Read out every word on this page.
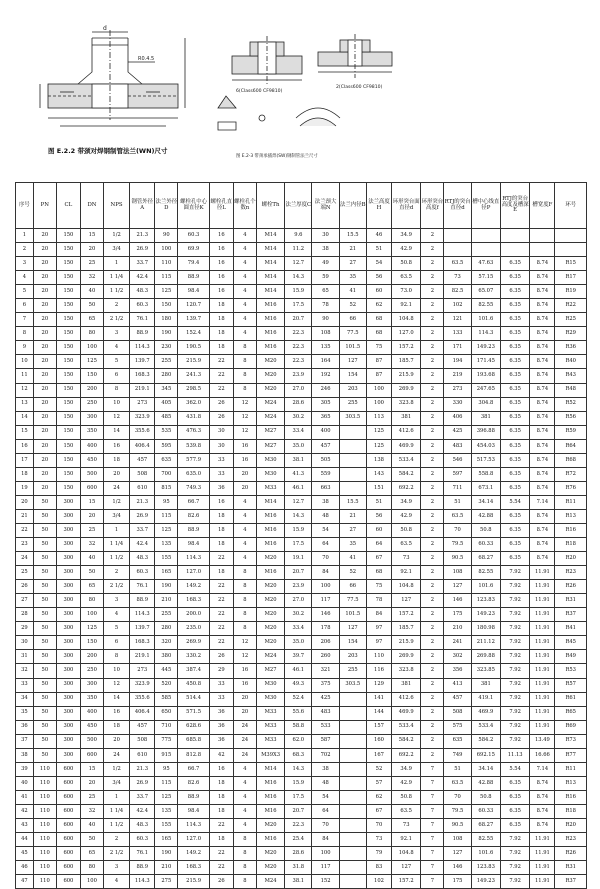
d
R0.4.5
图 E.2.2 带颈对焊钢制管法兰(WN)尺寸
6(Class600 CF9810)
2(Class600 CF9810)
图 E.2-3 带颈承插焊(SW)钢制管法兰尺寸
序号	PN	CL	DN	NPS	钢管外径A	法兰外径D	螺栓孔中心圆直径K	螺栓孔直径L	螺栓孔个数n	螺栓Th	法兰厚度C	法兰颈大端N	法兰内径B	法兰高度H	环形突台面直径d	环形突台高度f	RTJ的突台直径d	槽中心线直径P	RTJ的突台高度及槽深E	槽宽度F	环号
1	20	150	15	1/2	21.3	90	60.3	16	4	M14	9.6	30	15.5	46	34.9	2					
2	20	150	20	3/4	26.9	100	69.9	16	4	M14	11.2	38	21	51	42.9	2					
3	20	150	25	1	33.7	110	79.4	16	4	M14	12.7	49	27	54	50.8	2	63.5	47.63	6.35	8.74	R15
4	20	150	32	1 1/4	42.4	115	88.9	16	4	M14	14.3	59	35	56	63.5	2	73	57.15	6.35	8.74	R17
5	20	150	40	1 1/2	48.3	125	98.4	16	4	M14	15.9	65	41	60	73.0	2	82.5	65.07	6.35	8.74	R19
6	20	150	50	2	60.3	150	120.7	18	4	M16	17.5	78	52	62	92.1	2	102	82.55	6.35	8.74	R22
7	20	150	65	2 1/2	76.1	180	139.7	18	4	M16	20.7	90	66	68	104.8	2	121	101.6	6.35	8.74	R25
8	20	150	80	3	88.9	190	152.4	18	4	M16	22.3	108	77.5	68	127.0	2	133	114.3	6.35	8.74	R29
9	20	150	100	4	114.3	230	190.5	18	8	M16	22.3	135	101.5	75	157.2	2	171	149.23	6.35	8.74	R36
10	20	150	125	5	139.7	255	215.9	22	8	M20	22.3	164	127	87	185.7	2	194	171.45	6.35	8.74	R40
11	20	150	150	6	168.3	280	241.3	22	8	M20	23.9	192	154	87	215.9	2	219	193.68	6.35	8.74	R43
12	20	150	200	8	219.1	345	298.5	22	8	M20	27.0	246	203	100	269.9	2	273	247.65	6.35	8.74	R48
13	20	150	250	10	273	405	362.0	26	12	M24	28.6	305	255	100	323.8	2	330	304.8	6.35	8.74	R52
14	20	150	300	12	323.9	485	431.8	26	12	M24	30.2	365	303.5	113	381	2	406	381	6.35	8.74	R56
15	20	150	350	14	355.6	535	476.3	30	12	M27	33.4	400		125	412.6	2	425	396.88	6.35	8.74	R59
16	20	150	400	16	406.4	595	539.8	30	16	M27	35.0	457		125	469.9	2	483	454.03	6.35	8.74	R64
17	20	150	450	18	457	635	577.9	33	16	M30	38.1	505		138	533.4	2	546	517.53	6.35	8.74	R68
18	20	150	500	20	508	700	635.0	33	20	M30	41.3	559		143	584.2	2	597	558.8	6.35	8.74	R72
19	20	150	600	24	610	815	749.3	36	20	M33	46.1	663		151	692.2	2	711	673.1	6.35	8.74	R76
20	50	300	15	1/2	21.3	95	66.7	16	4	M14	12.7	38	15.5	51	34.9	2	51	34.14	5.54	7.14	R11
21	50	300	20	3/4	26.9	115	82.6	18	4	M16	14.3	48	21	56	42.9	2	63.5	42.88	6.35	8.74	R13
22	50	300	25	1	33.7	125	88.9	18	4	M16	15.9	54	27	60	50.8	2	70	50.8	6.35	8.74	R16
23	50	300	32	1 1/4	42.4	135	98.4	18	4	M16	17.5	64	35	64	63.5	2	79.5	60.33	6.35	8.74	R18
24	50	300	40	1 1/2	48.3	155	114.3	22	4	M20	19.1	70	41	67	73	2	90.5	68.27	6.35	8.74	R20
25	50	300	50	2	60.3	165	127.0	18	8	M16	20.7	84	52	68	92.1	2	108	82.55	7.92	11.91	R23
26	50	300	65	2 1/2	76.1	190	149.2	22	8	M20	23.9	100	66	75	104.8	2	127	101.6	7.92	11.91	R26
27	50	300	80	3	88.9	210	168.3	22	8	M20	27.0	117	77.5	78	127	2	146	123.83	7.92	11.91	R31
28	50	300	100	4	114.3	255	200.0	22	8	M20	30.2	146	101.5	84	157.2	2	175	149.23	7.92	11.91	R37
29	50	300	125	5	139.7	280	235.0	22	8	M20	33.4	178	127	97	185.7	2	210	180.98	7.92	11.91	R41
30	50	300	150	6	168.3	320	269.9	22	12	M20	35.0	206	154	97	215.9	2	241	211.12	7.92	11.91	R45
31	50	300	200	8	219.1	380	330.2	26	12	M24	39.7	260	203	110	269.9	2	302	269.88	7.92	11.91	R49
32	50	300	250	10	273	445	387.4	29	16	M27	46.1	321	255	116	323.8	2	356	323.85	7.92	11.91	R53
33	50	300	300	12	323.9	520	450.8	33	16	M30	49.3	375	303.5	129	381	2	413	381	7.92	11.91	R57
34	50	300	350	14	355.6	585	514.4	33	20	M30	52.4	425		141	412.6	2	457	419.1	7.92	11.91	R61
35	50	300	400	16	406.4	650	571.5	36	20	M33	55.6	483		144	469.9	2	508	469.9	7.92	11.91	R65
36	50	300	450	18	457	710	628.6	36	24	M33	58.8	533		157	533.4	2	575	533.4	7.92	11.91	R69
37	50	300	500	20	508	775	685.8	36	24	M33	62.0	587		160	584.2	2	635	584.2	7.92	13.49	R73
38	50	300	600	24	610	915	812.8	42	24	M39X3	68.3	702		167	692.2	2	749	692.15	11.13	16.66	R77
39	110	600	15	1/2	21.3	95	66.7	16	4	M14	14.3	38		52	34.9	7	51	34.14	5.54	7.14	R11
40	110	600	20	3/4	26.9	115	82.6	18	4	M16	15.9	48		57	42.9	7	63.5	42.88	6.35	8.74	R13
41	110	600	25	1	33.7	125	88.9	18	4	M16	17.5	54		62	50.8	7	70	50.8	6.35	8.74	R16
42	110	600	32	1 1/4	42.4	135	98.4	18	4	M16	20.7	64		67	63.5	7	79.5	60.33	6.35	8.74	R18
43	110	600	40	1 1/2	48.3	155	114.3	22	4	M20	22.3	70		70	73	7	90.5	68.27	6.35	8.74	R20
44	110	600	50	2	60.3	165	127.0	18	8	M16	25.4	84		73	92.1	7	108	82.55	7.92	11.91	R23
45	110	600	65	2 1/2	76.1	190	149.2	22	8	M20	28.6	100		79	104.8	7	127	101.6	7.92	11.91	R26
46	110	600	80	3	88.9	210	168.3	22	8	M20	31.8	117		83	127	7	146	123.83	7.92	11.91	R31
47	110	600	100	4	114.3	275	215.9	26	8	M24	38.1	152		102	157.2	7	175	149.23	7.92	11.91	R37
